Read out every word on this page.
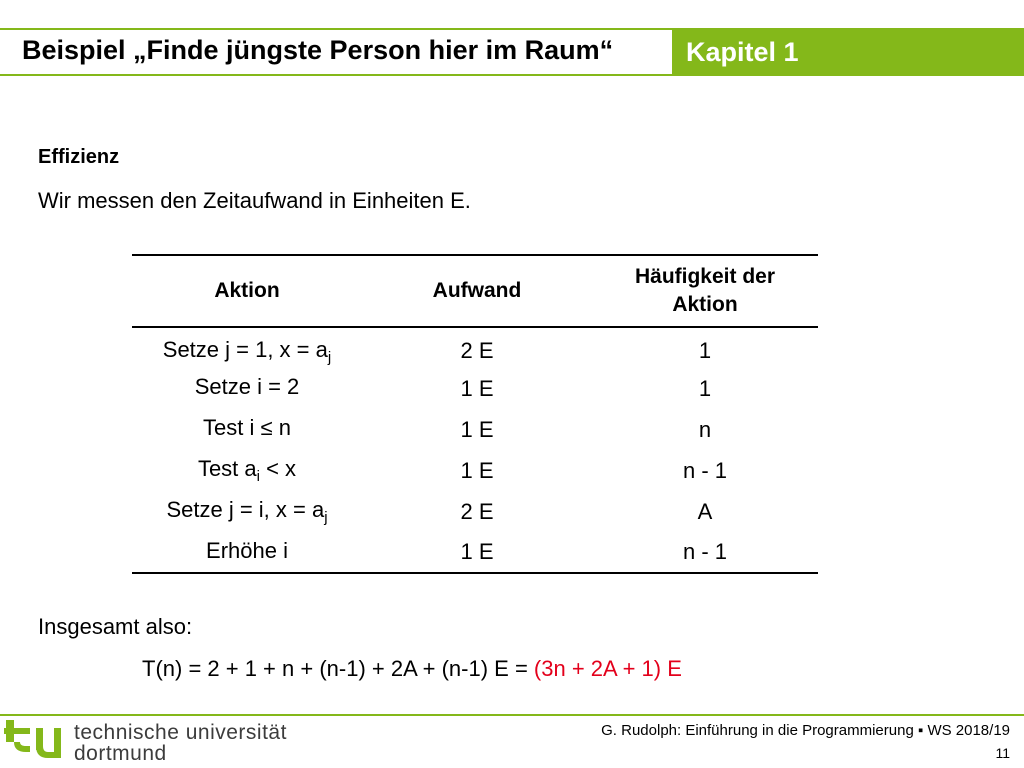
Beispiel „Finde jüngste Person hier im Raum“	Kapitel 1
Effizienz
Wir messen den Zeitaufwand in Einheiten E.
Aktion	Aufwand	Häufigkeit der
Aktion
Setze j = 1, $x = a_j$	2 E	1
Setze i = 2	1 E	1
Test i ≤ n	1 E	n
Test $a_i < x$	1 E	n - 1
Setze j = i, $x = a_j$	2 E	A
Erhöhe i	1 E	n - 1
Insgesamt also:
T(n) = 2 + 1 + n + (n-1) + 2A + (n-1) E = (3n + 2A + 1) E
technische universität
dortmund
G. Rudolph: Einführung in die Programmierung ▪ WS 2018/19
11
